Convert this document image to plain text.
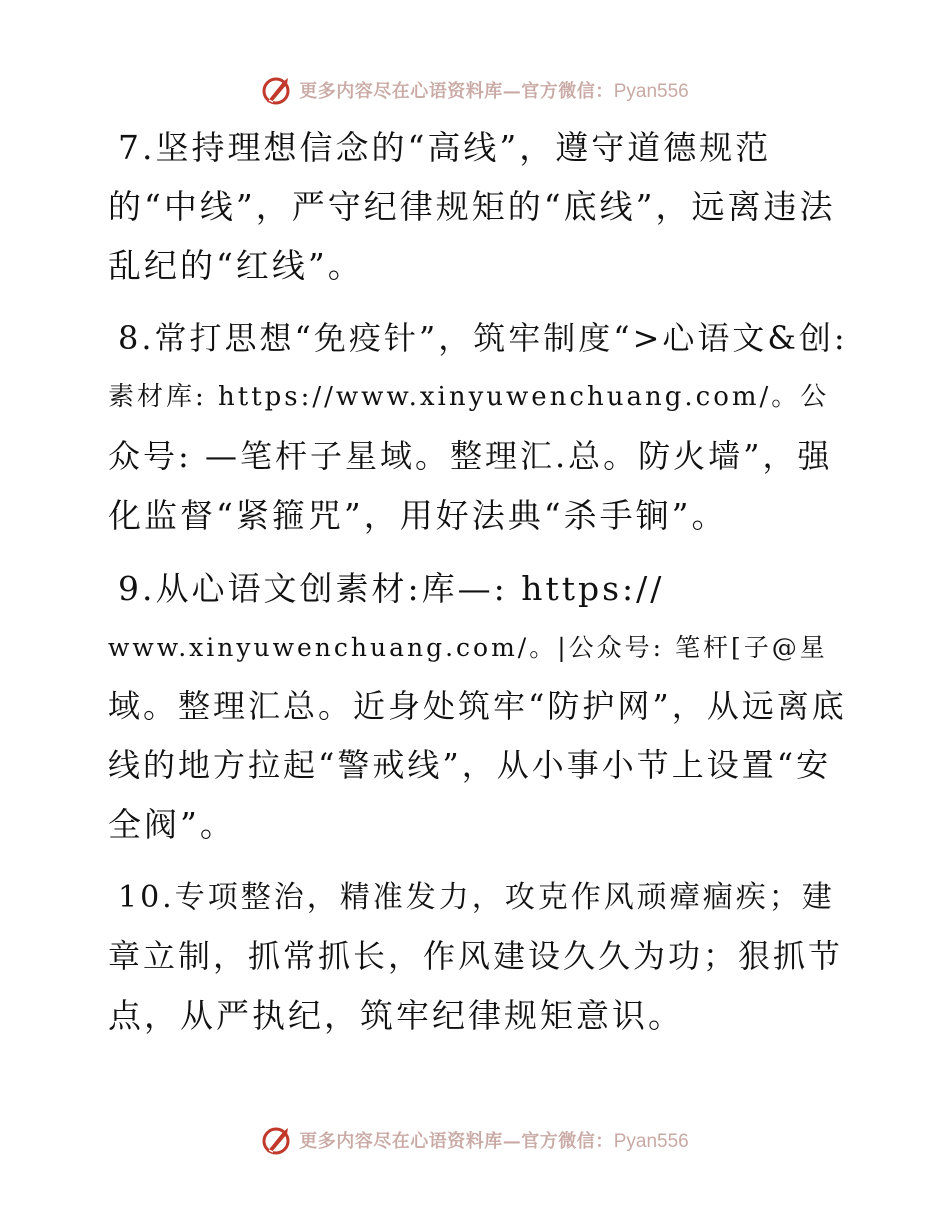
更多内容尽在心语资料库—官方微信：Pyan556

7.坚持理想信念的“高线”，遵守道德规范
的“中线”，严守纪律规矩的“底线”，远离违法
乱纪的“红线”。

8.常打思想“免疫针”，筑牢制度“>心语文&创:
素材库: https://www.xinyuwenchuang.com/。公
众号: —笔杆子星域。整理汇.总。防火墙”，强
化监督“紧箍咒”，用好法典“杀手锏”。

9.从心语文创素材:库—: https://
www.xinyuwenchuang.com/。|公众号: 笔杆[子@星
域。整理汇总。近身处筑牢“防护网”，从远离底
线的地方拉起“警戒线”，从小事小节上设置“安
全阀”。

10.专项整治，精准发力，攻克作风顽瘴痼疾；建
章立制，抓常抓长，作风建设久久为功；狠抓节
点，从严执纪，筑牢纪律规矩意识。

更多内容尽在心语资料库—官方微信：Pyan556
